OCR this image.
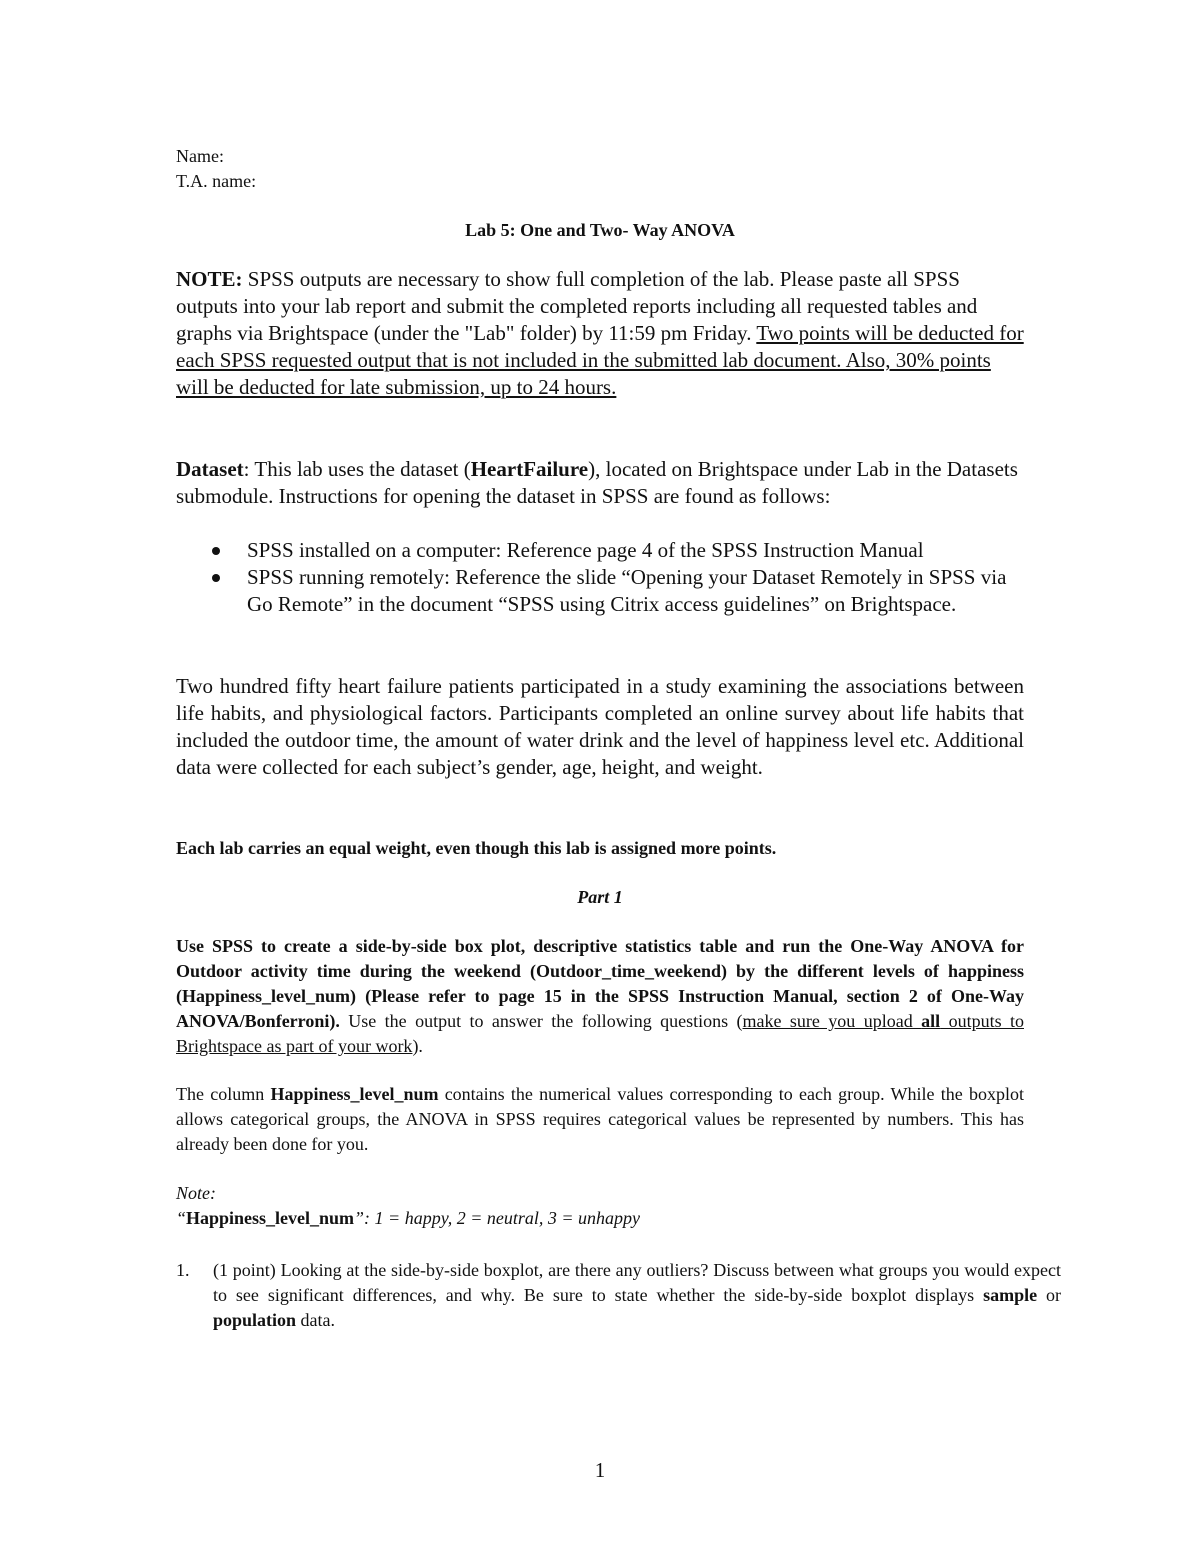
Name:

T.A. name:

Lab 5: One and Two- Way ANOVA
NOTE: SPSS outputs are necessary to show full completion of the lab. Please paste all SPSS outputs into your lab report and submit the completed reports including all requested tables and graphs via Brightspace (under the "Lab" folder) by 11:59 pm Friday. Two points will be deducted for each SPSS requested output that is not included in the submitted lab document. Also, 30% points will be deducted for late submission, up to 24 hours.
Dataset: This lab uses the dataset (HeartFailure), located on Brightspace under Lab in the Datasets submodule. Instructions for opening the dataset in SPSS are found as follows:
SPSS installed on a computer: Reference page 4 of the SPSS Instruction Manual
SPSS running remotely: Reference the slide “Opening your Dataset Remotely in SPSS via Go Remote” in the document “SPSS using Citrix access guidelines” on Brightspace.
Two hundred fifty heart failure patients participated in a study examining the associations between life habits, and physiological factors. Participants completed an online survey about life habits that included the outdoor time, the amount of water drink and the level of happiness level etc. Additional data were collected for each subject’s gender, age, height, and weight.
Each lab carries an equal weight, even though this lab is assigned more points.
Part 1
Use SPSS to create a side-by-side box plot, descriptive statistics table and run the One-Way ANOVA for Outdoor activity time during the weekend (Outdoor_time_weekend) by the different levels of happiness (Happiness_level_num) (Please refer to page 15 in the SPSS Instruction Manual, section 2 of One-Way ANOVA/Bonferroni). Use the output to answer the following questions (make sure you upload all outputs to Brightspace as part of your work).
The column Happiness_level_num contains the numerical values corresponding to each group. While the boxplot allows categorical groups, the ANOVA in SPSS requires categorical values be represented by numbers. This has already been done for you.

Note:

“Happiness_level_num”: 1 = happy, 2 = neutral, 3 = unhappy

1. (1 point) Looking at the side-by-side boxplot, are there any outliers? Discuss between what groups you would expect to see significant differences, and why. Be sure to state whether the side-by-side boxplot displays sample or population data.
1
